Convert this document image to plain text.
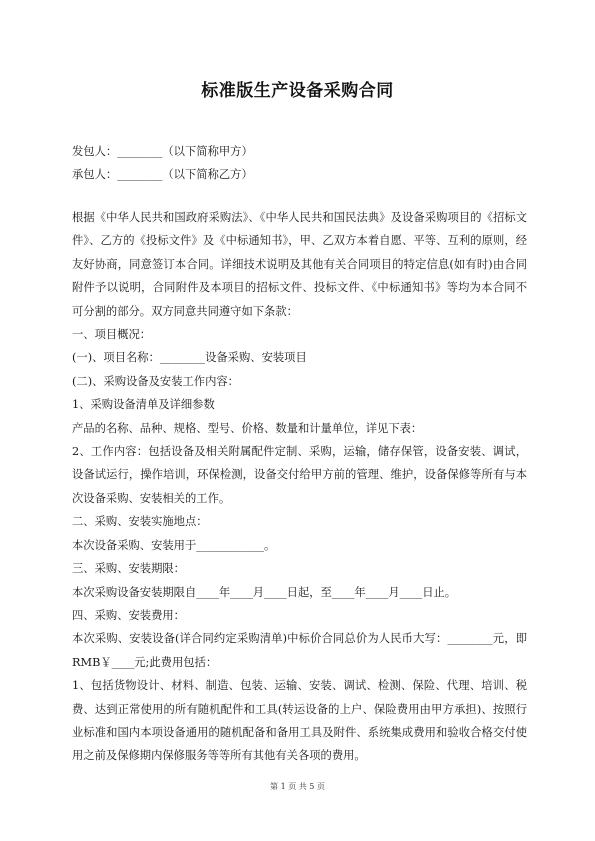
标准版生产设备采购合同
发包人：________（以下简称甲方）
承包人：________（以下简称乙方）
根据《中华人民共和国政府采购法》、《中华人民共和国民法典》及设备采购项目的《招标文件》、乙方的《投标文件》及《中标通知书》，甲、乙双方本着自愿、平等、互利的原则，经友好协商，同意签订本合同。详细技术说明及其他有关合同项目的特定信息(如有时)由合同附件予以说明，合同附件及本项目的招标文件、投标文件、《中标通知书》等均为本合同不可分割的部分。双方同意共同遵守如下条款：
一、项目概况：
(一)、项目名称：________设备采购、安装项目
(二)、采购设备及安装工作内容：
1、采购设备清单及详细参数
产品的名称、品种、规格、型号、价格、数量和计量单位，详见下表：
2、工作内容：包括设备及相关附属配件定制、采购，运输，储存保管，设备安装、调试，设备试运行，操作培训，环保检测，设备交付给甲方前的管理、维护，设备保修等所有与本次设备采购、安装相关的工作。
二、采购、安装实施地点：
本次设备采购、安装用于____________。
三、采购、安装期限：
本次采购设备安装期限自____年____月____日起，至____年____月____日止。
四、采购、安装费用：
本次采购、安装设备(详合同约定采购清单)中标价合同总价为人民币大写：________元，即 RMB￥____元;此费用包括：
1、包括货物设计、材料、制造、包装、运输、安装、调试、检测、保险、代理、培训、税费、达到正常使用的所有随机配件和工具(转运设备的上户、保险费用由甲方承担)、按照行业标准和国内本项设备通用的随机配备和备用工具及附件、系统集成费用和验收合格交付使用之前及保修期内保修服务等等所有其他有关各项的费用。
第 1 页 共 5 页
